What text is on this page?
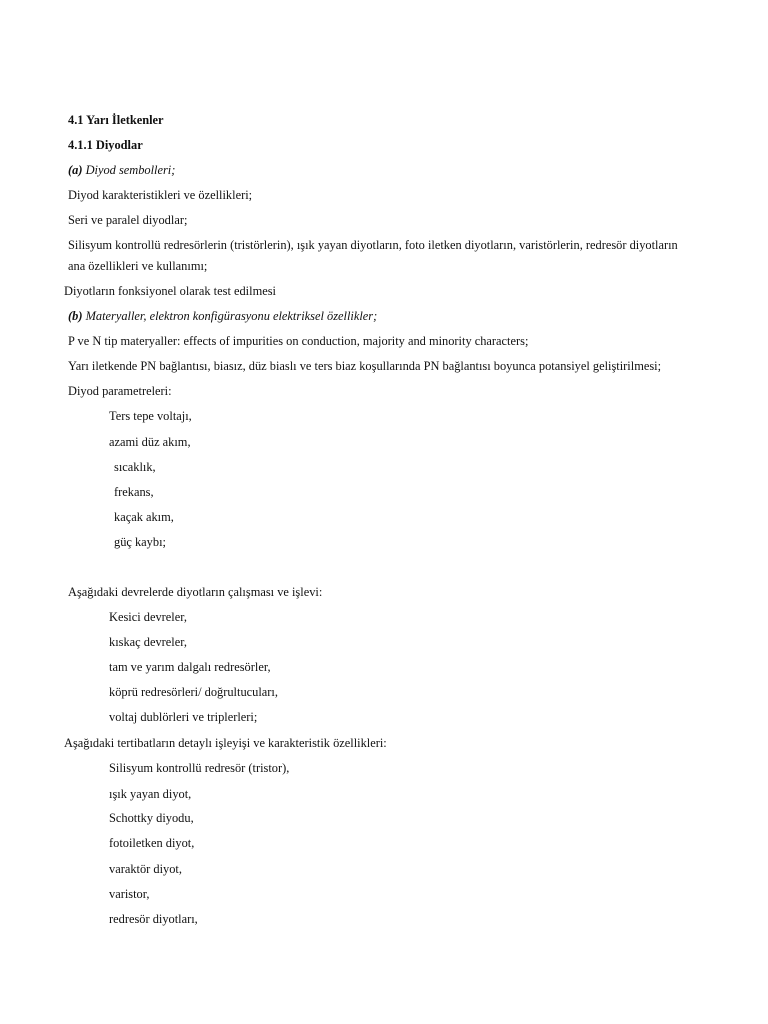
4.1 Yarı İletkenler
4.1.1 Diyodlar
(a) Diyod sembolleri;
Diyod karakteristikleri ve özellikleri;
Seri ve paralel diyodlar;
Silisyum kontrollü redresörlerin (tristörlerin), ışık yayan diyotların, foto iletken diyotların, varistörlerin, redresör diyotların
ana özellikleri ve kullanımı;
Diyotların fonksiyonel olarak test edilmesi
(b) Materyaller, elektron konfigürasyonu elektriksel özellikler;
P ve N tip materyaller: effects of impurities on conduction, majority and minority characters;
Yarı iletkende PN bağlantısı, biasız, düz biaslı ve ters biaz koşullarında PN bağlantısı boyunca potansiyel geliştirilmesi;
Diyod parametreleri:
Ters tepe voltajı,
azami düz akım,
sıcaklık,
frekans,
kaçak akım,
güç kaybı;
Aşağıdaki devrelerde diyotların çalışması ve işlevi:
Kesici devreler,
kıskaç devreler,
tam ve yarım dalgalı redresörler,
köprü redresörleri/ doğrultucuları,
voltaj dublörleri ve triplerleri;
Aşağıdaki tertibatların detaylı işleyişi ve karakteristik özellikleri:
Silisyum kontrollü redresör (tristor),
ışık yayan diyot,
Schottky diyodu,
fotoiletken diyot,
varaktör diyot,
varistor,
redresör diyotları,
